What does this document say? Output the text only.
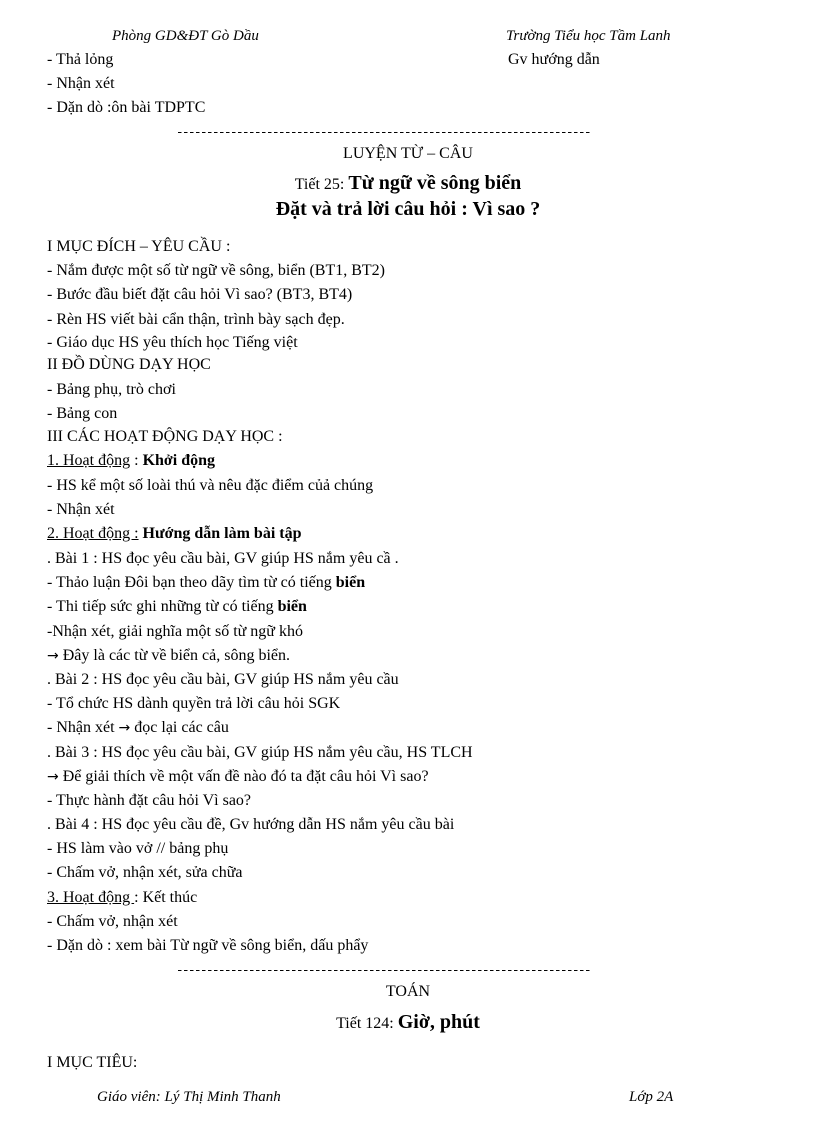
Phòng GD&ĐT Gò Dầu	Trường Tiểu học Tầm Lanh
- Thả lỏng	Gv hướng dẫn
- Nhận xét
- Dặn dò :ôn bài TDPTC
LUYỆN TỪ – CÂU
Tiết 25: Từ ngữ về sông biển
Đặt và trả lời câu hỏi : Vì sao ?
I MỤC ĐÍCH – YÊU CẦU :
- Nắm được một số từ ngữ về sông, biển (BT1, BT2)
- Bước đầu biết đặt câu hỏi Vì sao? (BT3, BT4)
- Rèn HS viết bài cẩn thận, trình bày sạch đẹp.
- Giáo dục HS yêu thích học Tiếng việt
II ĐỒ DÙNG DẠY HỌC
- Bảng phụ, trò chơi
- Bảng con
III CÁC HOẠT ĐỘNG DẠY HỌC :
1. Hoạt động : Khởi động
- HS kể một số loài thú và nêu đặc điểm củả chúng
- Nhận xét
2. Hoạt động : Hướng dẫn làm bài tập
. Bài 1 : HS đọc yêu cầu bài, GV giúp HS nắm yêu cầ .
- Thảo luận Đôi bạn theo dãy tìm từ có tiếng biển
- Thi tiếp sức ghi những từ có tiếng biển
-Nhận xét, giải nghĩa một số từ ngữ khó
→ Đây là các từ về biển cả, sông biển.
. Bài 2 : HS đọc yêu cầu bài, GV giúp HS nắm yêu cầu
- Tổ chức HS dành quyền trả lời câu hỏi SGK
- Nhận xét → đọc lại các câu
. Bài 3 : HS đọc yêu cầu bài, GV giúp HS nắm yêu cầu, HS TLCH
→ Để giải thích về một vấn đề nào đó ta đặt câu hỏi Vì sao?
- Thực hành đặt câu hỏi Vì sao?
. Bài 4 : HS đọc yêu cầu đề, Gv hướng dẫn HS nắm yêu cầu bài
- HS làm vào vở // bảng phụ
- Chấm vở, nhận xét, sửa chữa
3. Hoạt động : Kết thúc
- Chấm vở, nhận xét
- Dặn dò : xem bài Từ ngữ về sông biển, dấu phẩy
TOÁN
Tiết 124: Giờ, phút
I MỤC TIÊU:
Giáo viên: Lý Thị Minh Thanh	Lớp 2A
